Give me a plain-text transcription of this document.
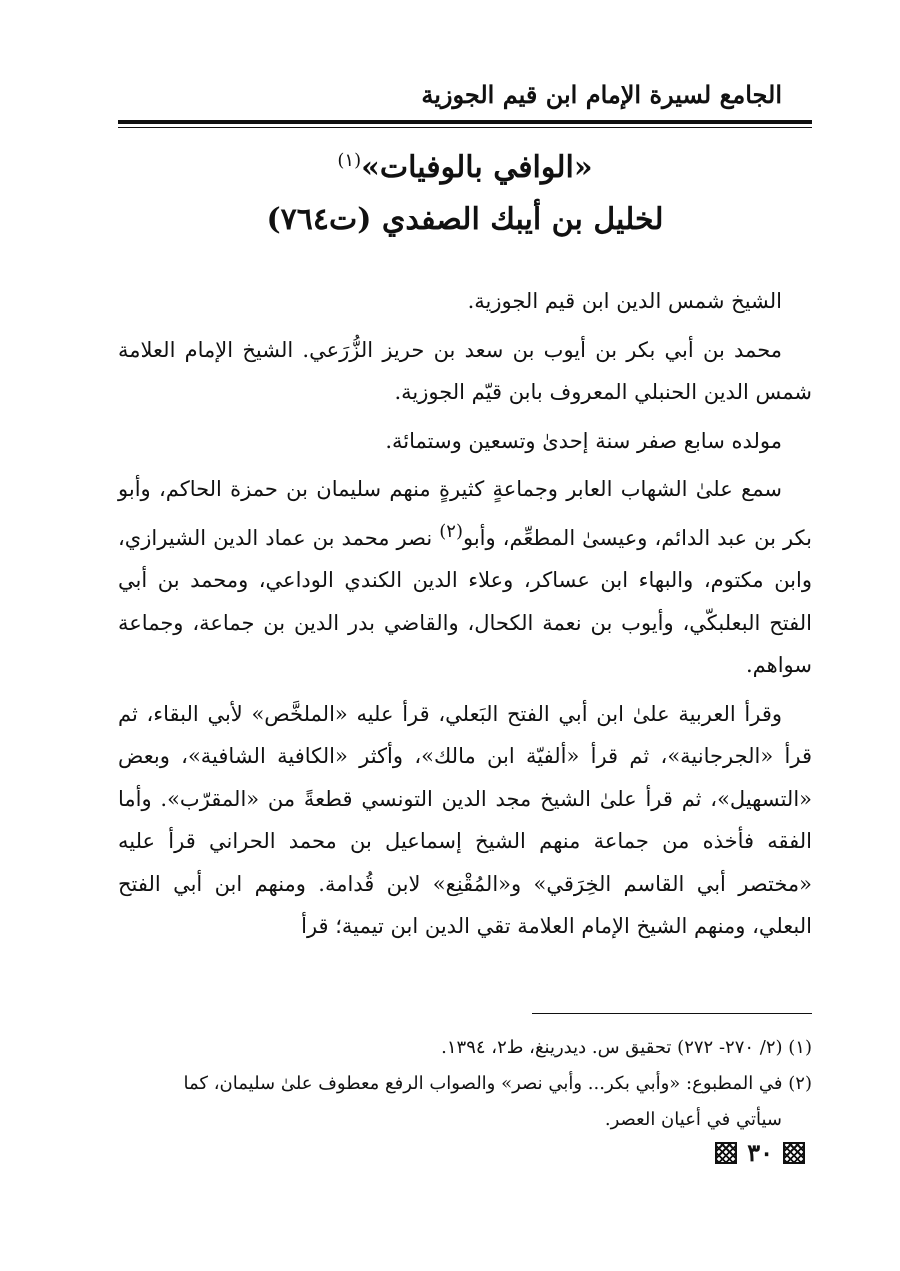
الجامع لسيرة الإمام ابن قيم الجوزية
«الوافي بالوفيات»$^{(١)}$
لخليل بن أيبك الصفدي (ت٧٦٤)

الشيخ شمس الدين ابن قيم الجوزية.

محمد بن أبي بكر بن أيوب بن سعد بن حريز الزُّرَعي. الشيخ الإمام العلامة شمس الدين الحنبلي المعروف بابن قيّم الجوزية.

مولده سابع صفر سنة إحدىٰ وتسعين وستمائة.

سمع علىٰ الشهاب العابر وجماعةٍ كثيرةٍ منهم سليمان بن حمزة الحاكم، وأبو بكر بن عبد الدائم، وعيسىٰ المطعِّم، وأبو(٢) نصر محمد بن عماد الدين الشيرازي، وابن مكتوم، والبهاء ابن عساكر، وعلاء الدين الكندي الوداعي، ومحمد بن أبي الفتح البعلبكّي، وأيوب بن نعمة الكحال، والقاضي بدر الدين بن جماعة، وجماعة سواهم.

وقرأ العربية علىٰ ابن أبي الفتح البَعلي، قرأ عليه «الملخَّص» لأبي البقاء، ثم قرأ «الجرجانية»، ثم قرأ «ألفيّة ابن مالك»، وأكثر «الكافية الشافية»، وبعض «التسهيل»، ثم قرأ علىٰ الشيخ مجد الدين التونسي قطعةً من «المقرّب». وأما الفقه فأخذه من جماعة منهم الشيخ إسماعيل بن محمد الحراني قرأ عليه «مختصر أبي القاسم الخِرَقي» و«المُقْنِع» لابن قُدامة. ومنهم ابن أبي الفتح البعلي، ومنهم الشيخ الإمام العلامة تقي الدين ابن تيمية؛ قرأ

(١) (٢/ ٢٧٠- ٢٧٢) تحقيق س. ديدرينغ، ط٢، ١٣٩٤.

(٢) في المطبوع: «وأبي بكر... وأبي نصر» والصواب الرفع معطوف علىٰ سليمان، كما

سيأتي في أعيان العصر.

٣٠
